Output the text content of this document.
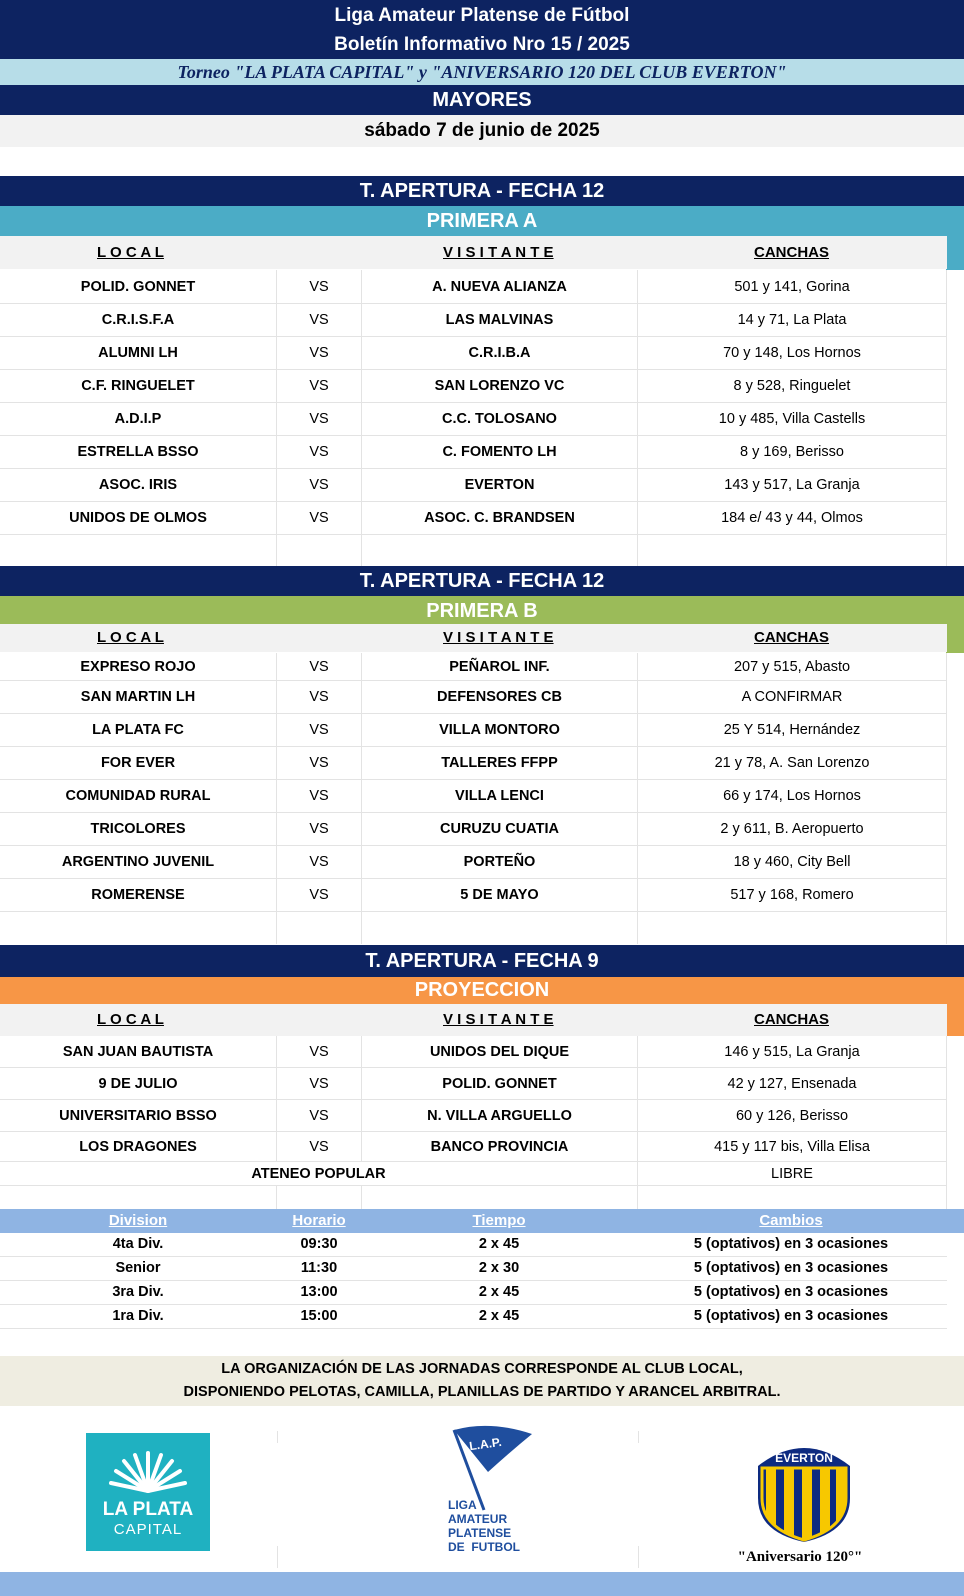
Liga Amateur Platense de Fútbol
Boletín Informativo Nro 15 / 2025
Torneo "LA PLATA CAPITAL" y "ANIVERSARIO 120 DEL CLUB EVERTON"
MAYORES
sábado 7 de junio de 2025
T. APERTURA - FECHA 12
PRIMERA A
L O C A L	V I S I T A N T E	CANCHAS
POLID. GONNET	VS	A. NUEVA ALIANZA	501 y 141, Gorina
C.R.I.S.F.A	VS	LAS MALVINAS	14 y 71, La Plata
ALUMNI LH	VS	C.R.I.B.A	70 y 148, Los Hornos
C.F. RINGUELET	VS	SAN LORENZO VC	8 y 528, Ringuelet
A.D.I.P	VS	C.C. TOLOSANO	10 y 485, Villa Castells
ESTRELLA BSSO	VS	C. FOMENTO LH	8 y 169, Berisso
ASOC. IRIS	VS	EVERTON	143 y 517, La Granja
UNIDOS DE OLMOS	VS	ASOC. C. BRANDSEN	184 e/ 43 y 44, Olmos
T. APERTURA - FECHA 12
PRIMERA B
L O C A L	V I S I T A N T E	CANCHAS
EXPRESO ROJO	VS	PEÑAROL INF.	207 y 515, Abasto
SAN MARTIN LH	VS	DEFENSORES CB	A CONFIRMAR
LA PLATA FC	VS	VILLA MONTORO	25 Y 514, Hernández
FOR EVER	VS	TALLERES FFPP	21 y 78, A. San Lorenzo
COMUNIDAD RURAL	VS	VILLA LENCI	66 y 174, Los Hornos
TRICOLORES	VS	CURUZU CUATIA	2 y 611, B. Aeropuerto
ARGENTINO JUVENIL	VS	PORTEÑO	18 y 460, City Bell
ROMERENSE	VS	5 DE MAYO	517 y 168, Romero
T. APERTURA - FECHA 9
PROYECCION
L O C A L	V I S I T A N T E	CANCHAS
SAN JUAN BAUTISTA	VS	UNIDOS DEL DIQUE	146 y 515, La Granja
9 DE JULIO	VS	POLID. GONNET	42 y 127, Ensenada
UNIVERSITARIO BSSO	VS	N. VILLA ARGUELLO	60 y 126, Berisso
LOS DRAGONES	VS	BANCO PROVINCIA	415 y 117 bis, Villa Elisa
ATENEO POPULAR	LIBRE
Division	Horario	Tiempo	Cambios
4ta Div.	09:30	2 x 45	5 (optativos) en 3 ocasiones
Senior	11:30	2 x 30	5 (optativos) en 3 ocasiones
3ra Div.	13:00	2 x 45	5 (optativos) en 3 ocasiones
1ra Div.	15:00	2 x 45	5 (optativos) en 3 ocasiones
LA ORGANIZACIÓN DE LAS JORNADAS CORRESPONDE AL CLUB LOCAL,
DISPONIENDO PELOTAS, CAMILLA, PLANILLAS DE PARTIDO Y ARANCEL ARBITRAL.
LA PLATA
CAPITAL
L.A.P.
LIGA
AMATEUR
PLATENSE
DE  FUTBOL
EVERTON
"Aniversario 120°"
